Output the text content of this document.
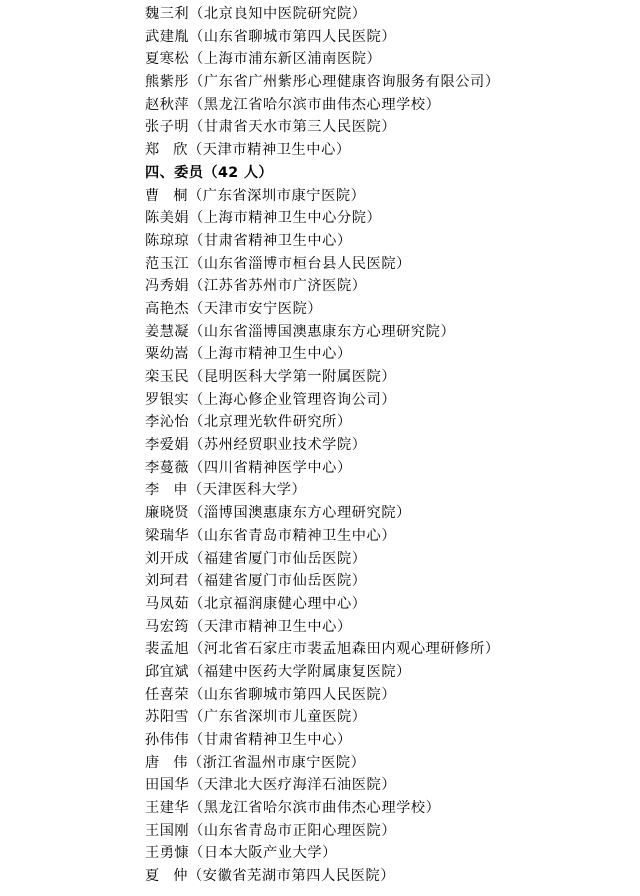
魏三利（北京良知中医院研究院）
武建胤（山东省聊城市第四人民医院）
夏寒松（上海市浦东新区浦南医院）
熊紫彤（广东省广州紫彤心理健康咨询服务有限公司）
赵秋萍（黑龙江省哈尔滨市曲伟杰心理学校）
张子明（甘肃省天水市第三人民医院）
郑 欣（天津市精神卫生中心）
四、委员（42 人）
曹 桐（广东省深圳市康宁医院）
陈美娟（上海市精神卫生中心分院）
陈琼琼（甘肃省精神卫生中心）
范玉江（山东省淄博市桓台县人民医院）
冯秀娟（江苏省苏州市广济医院）
高艳杰（天津市安宁医院）
姜慧凝（山东省淄博国澳惠康东方心理研究院）
粟幼嵩（上海市精神卫生中心）
栾玉民（昆明医科大学第一附属医院）
罗银实（上海心修企业管理咨询公司）
李沁怡（北京理光软件研究所）
李爱娟（苏州经贸职业技术学院）
李蔓薇（四川省精神医学中心）
李 申（天津医科大学）
廉晓贤（淄博国澳惠康东方心理研究院）
梁瑞华（山东省青岛市精神卫生中心）
刘开成（福建省厦门市仙岳医院）
刘珂君（福建省厦门市仙岳医院）
马凤茹（北京福润康健心理中心）
马宏筠（天津市精神卫生中心）
裴孟旭（河北省石家庄市裴孟旭森田内观心理研修所）
邱宜斌（福建中医药大学附属康复医院）
任喜荣（山东省聊城市第四人民医院）
苏阳雪（广东省深圳市儿童医院）
孙伟伟（甘肃省精神卫生中心）
唐 伟（浙江省温州市康宁医院）
田国华（天津北大医疗海洋石油医院）
王建华（黑龙江省哈尔滨市曲伟杰心理学校）
王国刚（山东省青岛市正阳心理医院）
王勇慷（日本大阪产业大学）
夏 仲（安徽省芜湖市第四人民医院）
